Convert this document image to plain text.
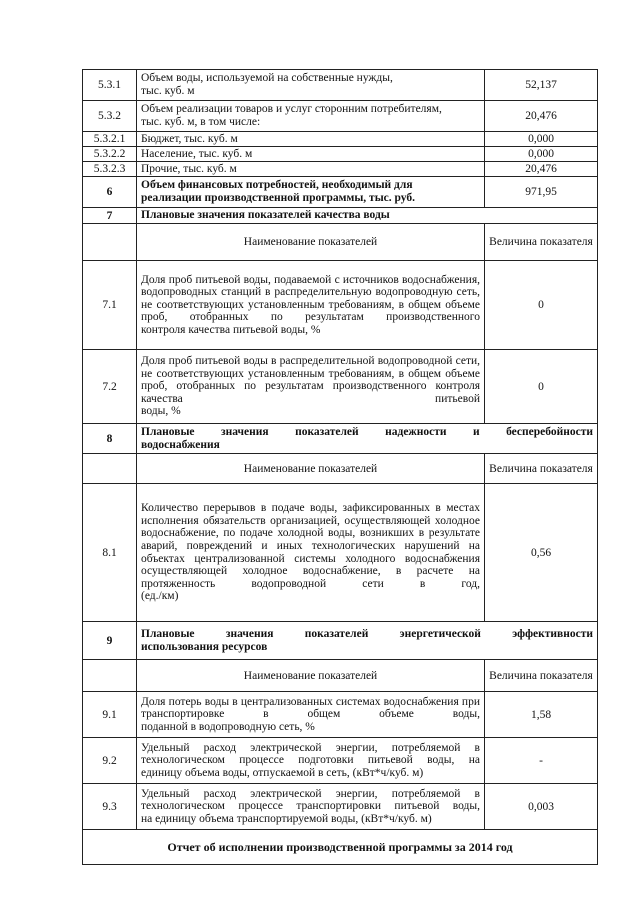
5.3.1	Объем воды, используемой на собственные нужды,
тыс. куб. м	52,137
5.3.2	Объем реализации товаров и услуг сторонним потребителям,
тыс. куб. м, в том числе:	20,476
5.3.2.1	Бюджет, тыс. куб. м	0,000
5.3.2.2	Население, тыс. куб. м	0,000
5.3.2.3	Прочие, тыс. куб. м	20,476
6	Объем финансовых потребностей, необходимый для
реализации производственной программы, тыс. руб.	971,95
7	Плановые значения показателей качества воды	
	Наименование показателей	Величина показателя
7.1	Доля проб питьевой воды, подаваемой с источников водоснабжения, водопроводных станций в распределительную водопроводную сеть, не соответствующих установленным требованиям, в общем объеме проб, отобранных по результатам производственного
контроля качества питьевой воды, %	0
7.2	Доля проб питьевой воды в распределительной водопроводной сети, не соответствующих установленным требованиям, в общем объеме проб, отобранных по результатам производственного контроля качества питьевой
воды, %	0
8	Плановые значения показателей надежности и бесперебойности
водоснабжения	

	Наименование показателей	Величина показателя
8.1	Количество перерывов в подаче воды, зафиксированных в местах исполнения обязательств организацией, осуществляющей холодное водоснабжение, по подаче холодной воды, возникших в результате аварий, повреждений и иных технологических нарушений на объектах централизованной системы холодного водоснабжения осуществляющей холодное водоснабжение, в расчете на протяженность водопроводной сети в год,
(ед./км)	0,56
9	Плановые значения показателей энергетической эффективности
использования ресурсов	

	Наименование показателей	Величина показателя
9.1	Доля потерь воды в централизованных системах водоснабжения при транспортировке в общем объеме воды,
поданной в водопроводную сеть, %	1,58
9.2	Удельный расход электрической энергии, потребляемой в технологическом процессе подготовки питьевой воды, на
единицу объема воды, отпускаемой в сеть, (кВт*ч/куб. м)	-
9.3	Удельный расход электрической энергии, потребляемой в технологическом процессе транспортировки питьевой воды,
на единицу объема транспортируемой воды, (кВт*ч/куб. м)	0,003
Отчет об исполнении производственной программы за 2014 год		
